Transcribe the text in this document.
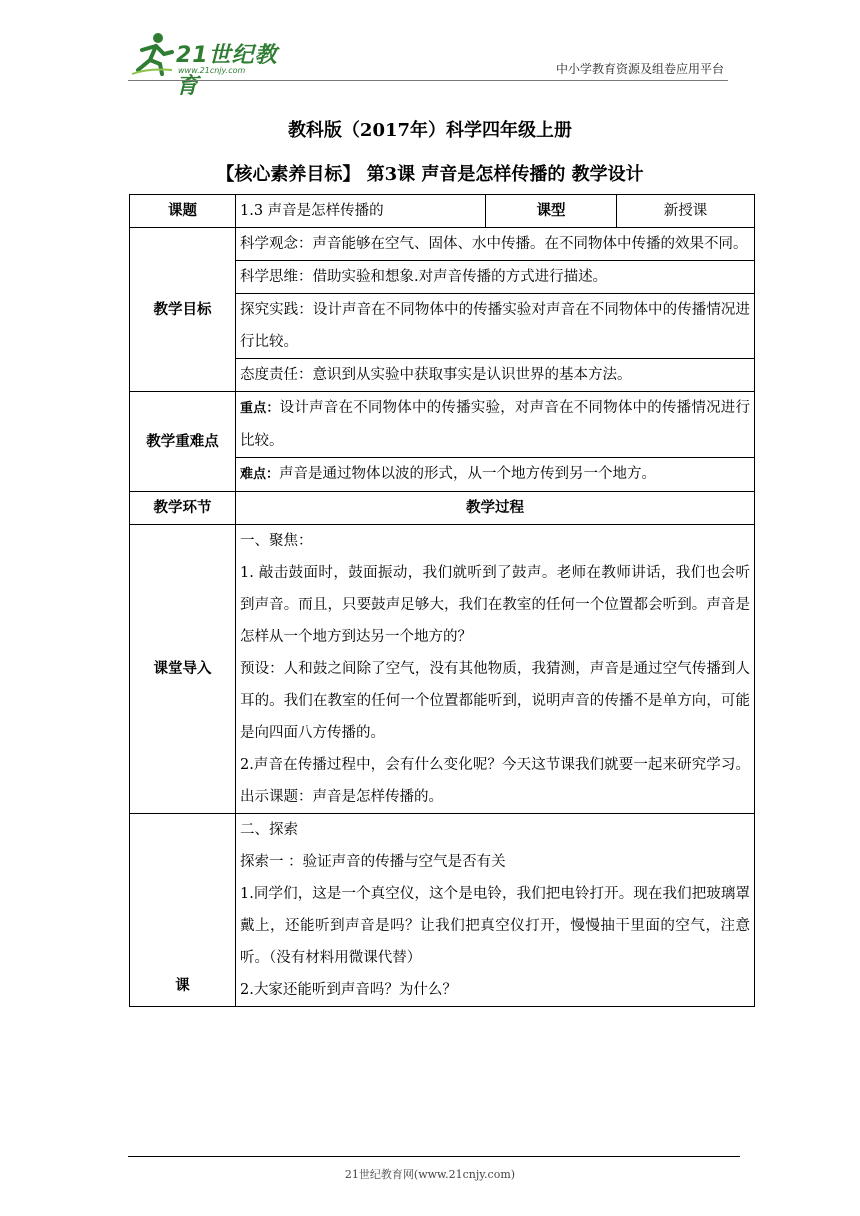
21世纪教育
www.21cnjy.com	中小学教育资源及组卷应用平台
教科版（2017年）科学四年级上册
【核心素养目标】 第3课 声音是怎样传播的 教学设计
课题	1.3 声音是怎样传播的	课型	新授课
教学目标	科学观念：声音能够在空气、固体、水中传播。在不同物体中传播的效果不同。		
	科学思维：借助实验和想象.对声音传播的方式进行描述。		
	探究实践：设计声音在不同物体中的传播实验对声音在不同物体中的传播情况进行比较。		
	态度责任：意识到从实验中获取事实是认识世界的基本方法。		
教学重难点	重点：设计声音在不同物体中的传播实验，对声音在不同物体中的传播情况进行比较。		
	难点：声音是通过物体以波的形式，从一个地方传到另一个地方。		
教学环节	教学过程		
课堂导入	一、聚焦：
1. 敲击鼓面时，鼓面振动，我们就听到了鼓声。老师在教师讲话，我们也会听到声音。而且，只要鼓声足够大，我们在教室的任何一个位置都会听到。声音是怎样从一个地方到达另一个地方的？
预设：人和鼓之间除了空气，没有其他物质，我猜测，声音是通过空气传播到人耳的。我们在教室的任何一个位置都能听到，说明声音的传播不是单方向，可能是向四面八方传播的。
2.声音在传播过程中，会有什么变化呢？今天这节课我们就要一起来研究学习。出示课题：声音是怎样传播的。		

课	二、探索
探索一 ：验证声音的传播与空气是否有关
1.同学们，这是一个真空仪，这个是电铃，我们把电铃打开。现在我们把玻璃罩戴上，还能听到声音是吗？让我们把真空仪打开，慢慢抽干里面的空气，注意听。（没有材料用微课代替）
2.大家还能听到声音吗？为什么？		
21世纪教育网(www.21cnjy.com)
